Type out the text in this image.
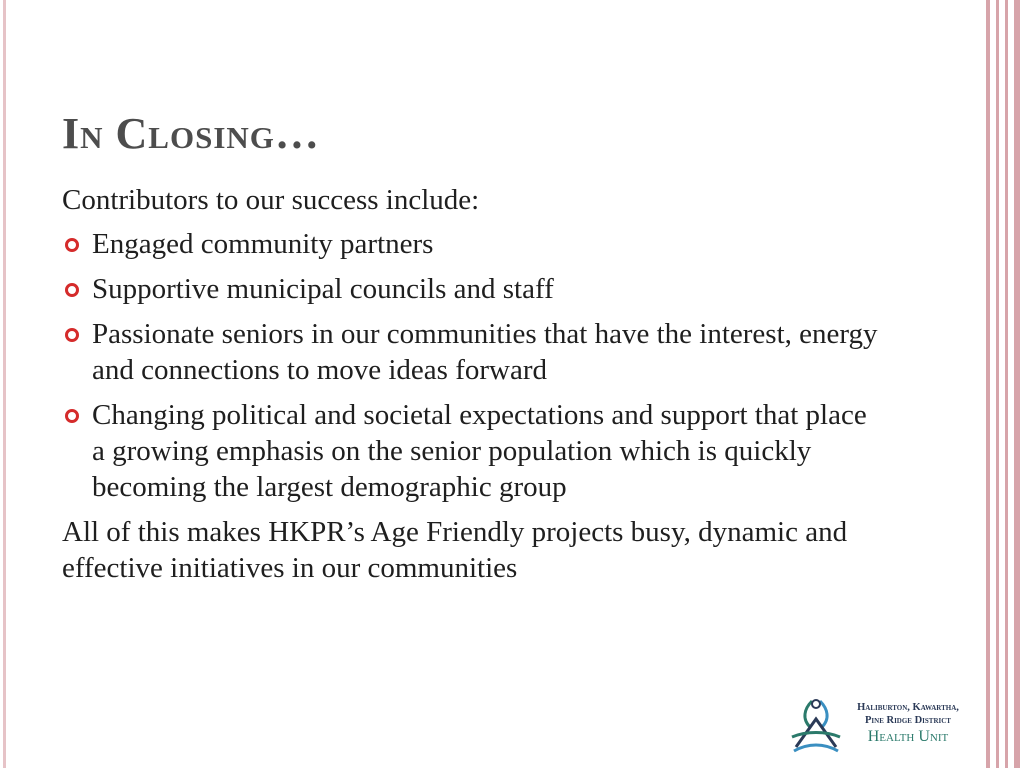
In Closing…

Contributors to our success include:

Engaged community partners
Supportive municipal councils and staff
Passionate seniors in our communities that have the interest, energy and connections to move ideas forward
Changing political and societal expectations and support that place a growing emphasis on the senior population which is quickly becoming the largest demographic group

All of this makes HKPR’s Age Friendly projects busy, dynamic and effective initiatives in our communities

Haliburton, Kawartha,
Pine Ridge District
Health Unit
